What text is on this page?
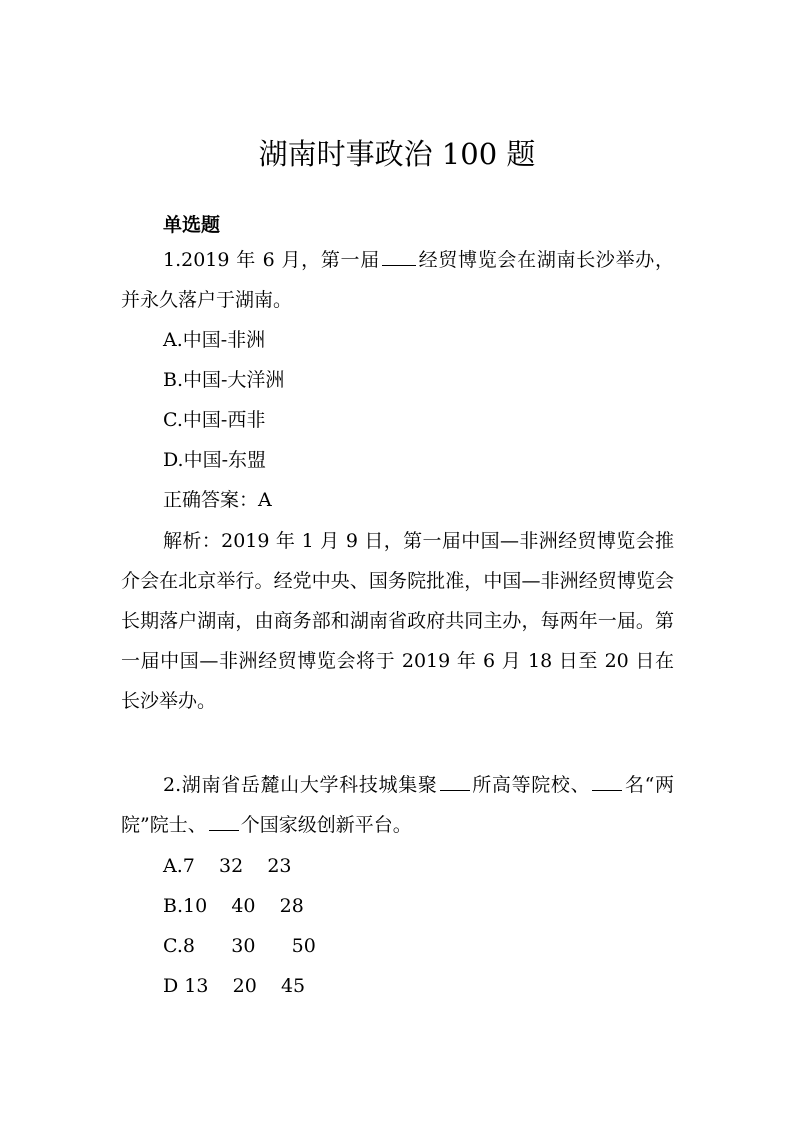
湖南时事政治 100 题
单选题
1.2019 年 6 月，第一届 经贸博览会在湖南长沙举办，并永久落户于湖南。
A.中国-非洲
B.中国-大洋洲
C.中国-西非
D.中国-东盟
正确答案：A
解析：2019 年 1 月 9 日，第一届中国—非洲经贸博览会推介会在北京举行。经党中央、国务院批准，中国—非洲经贸博览会长期落户湖南，由商务部和湖南省政府共同主办，每两年一届。第一届中国—非洲经贸博览会将于 2019 年 6 月 18 日至 20 日在长沙举办。
2.湖南省岳麓山大学科技城集聚 所高等院校、 名“两院”院士、 个国家级创新平台。
A.7    32    23
B.10    40    28
C.8      30      50
D 13    20    45
